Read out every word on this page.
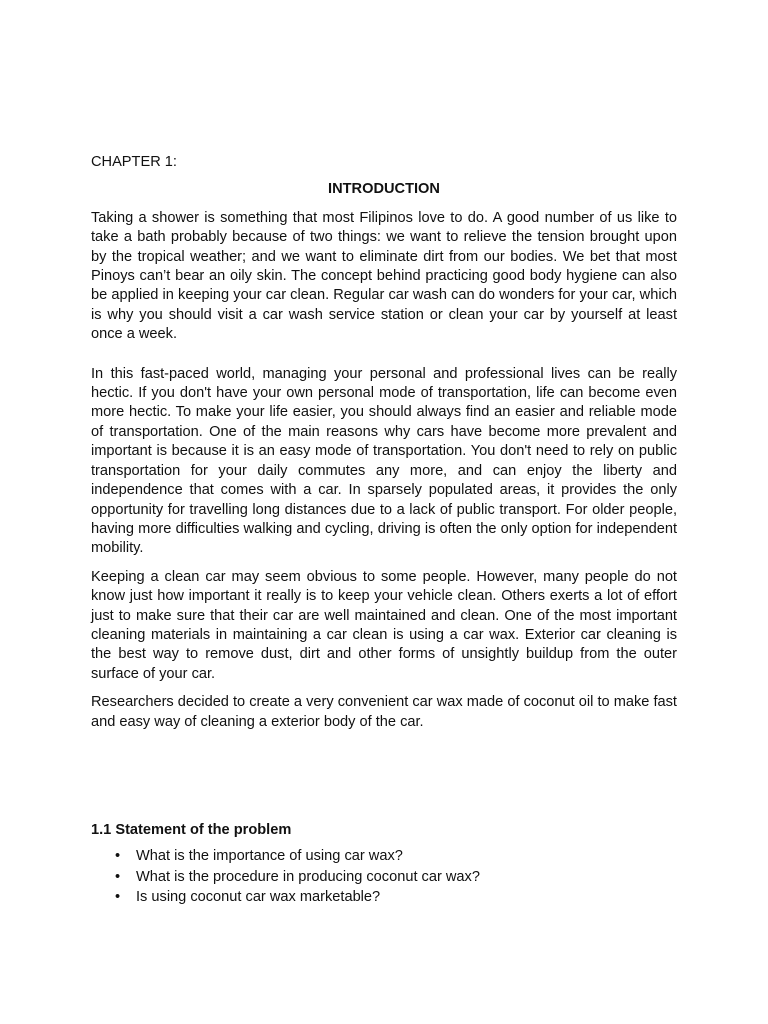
CHAPTER 1:

INTRODUCTION

Taking a shower is something that most Filipinos love to do. A good number of us like to take a bath probably because of two things: we want to relieve the tension brought upon by the tropical weather; and we want to eliminate dirt from our bodies. We bet that most Pinoys can’t bear an oily skin. The concept behind practicing good body hygiene can also be applied in keeping your car clean. Regular car wash can do wonders for your car, which is why you should visit a car wash service station or clean your car by yourself at least once a week.

In this fast-paced world, managing your personal and professional lives can be really hectic. If you don't have your own personal mode of transportation, life can become even more hectic. To make your life easier, you should always find an easier and reliable mode of transportation. One of the main reasons why cars have become more prevalent and important is because it is an easy mode of transportation. You don't need to rely on public transportation for your daily commutes any more, and can enjoy the liberty and independence that comes with a car. In sparsely populated areas, it provides the only opportunity for travelling long distances due to a lack of public transport. For older people, having more difficulties walking and cycling, driving is often the only option for independent mobility.

Keeping a clean car may seem obvious to some people. However, many people do not know just how important it really is to keep your vehicle clean. Others exerts a lot of effort just to make sure that their car are well maintained and clean. One of the most important cleaning materials in maintaining a car clean is using a car wax. Exterior car cleaning is the best way to remove dust, dirt and other forms of unsightly buildup from the outer surface of your car.

Researchers decided to create a very convenient car wax made of coconut oil to make fast and easy way of cleaning a exterior body of the car.

1.1 Statement of the problem

• What is the importance of using car wax?
• What is the procedure in producing coconut car wax?
• Is using coconut car wax marketable?
